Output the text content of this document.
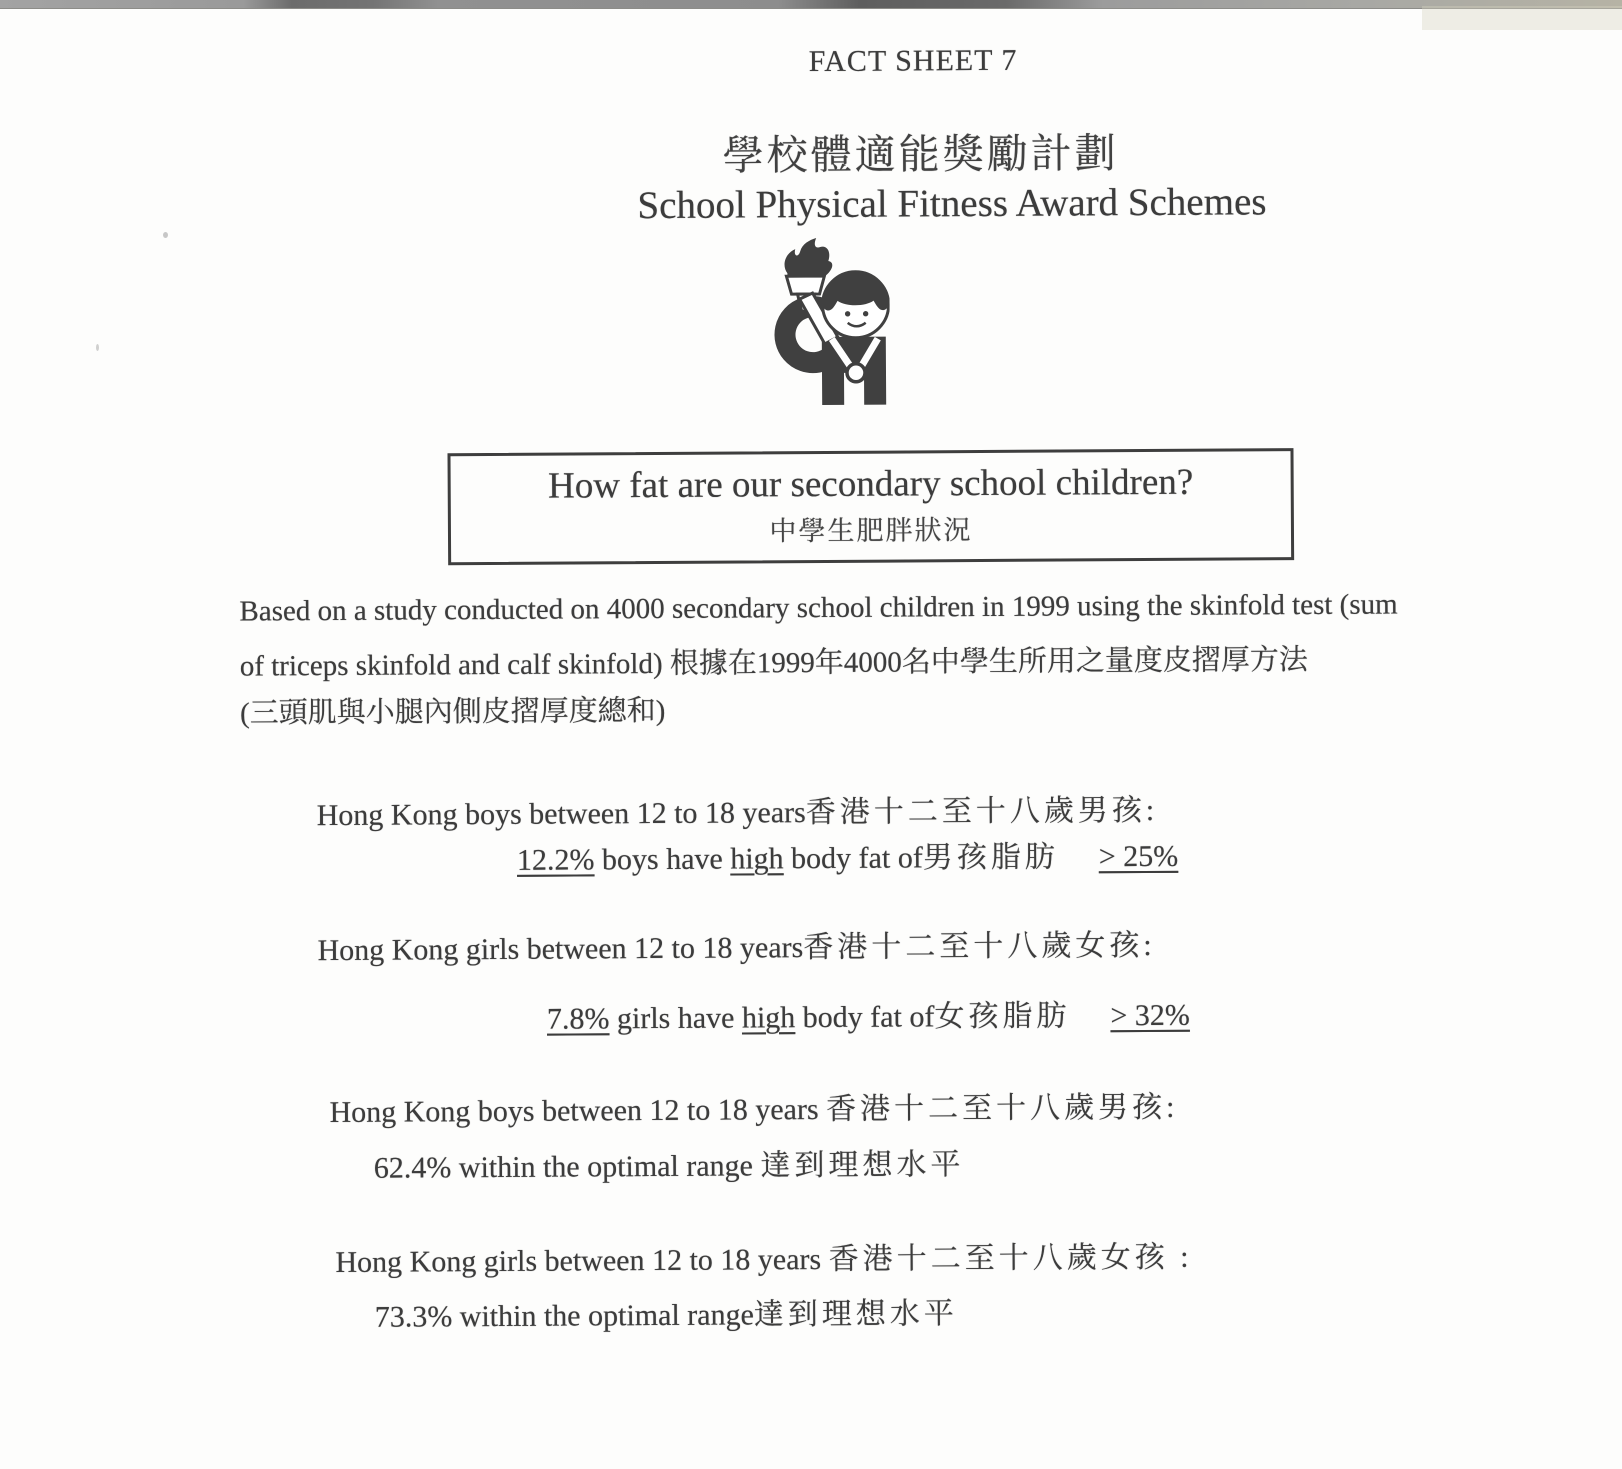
FACT SHEET 7
學校體適能獎勵計劃
School Physical Fitness Award Schemes
How fat are our secondary school children?
中學生肥胖狀況
Based on a study conducted on 4000 secondary school children in 1999 using the skinfold test (sum
of triceps skinfold and calf skinfold) 根據在1999年4000名中學生所用之量度皮摺厚方法
(三頭肌與小腿內側皮摺厚度總和)
Hong Kong boys between 12 to 18 years香港十二至十八歲男孩:
12.2% boys have high body fat of男孩脂肪 > 25%
Hong Kong girls between 12 to 18 years香港十二至十八歲女孩:
7.8% girls have high body fat of女孩脂肪 > 32%
Hong Kong boys between 12 to 18 years 香港十二至十八歲男孩:
62.4% within the optimal range 達到理想水平
Hong Kong girls between 12 to 18 years 香港十二至十八歲女孩 :
73.3% within the optimal range達到理想水平
